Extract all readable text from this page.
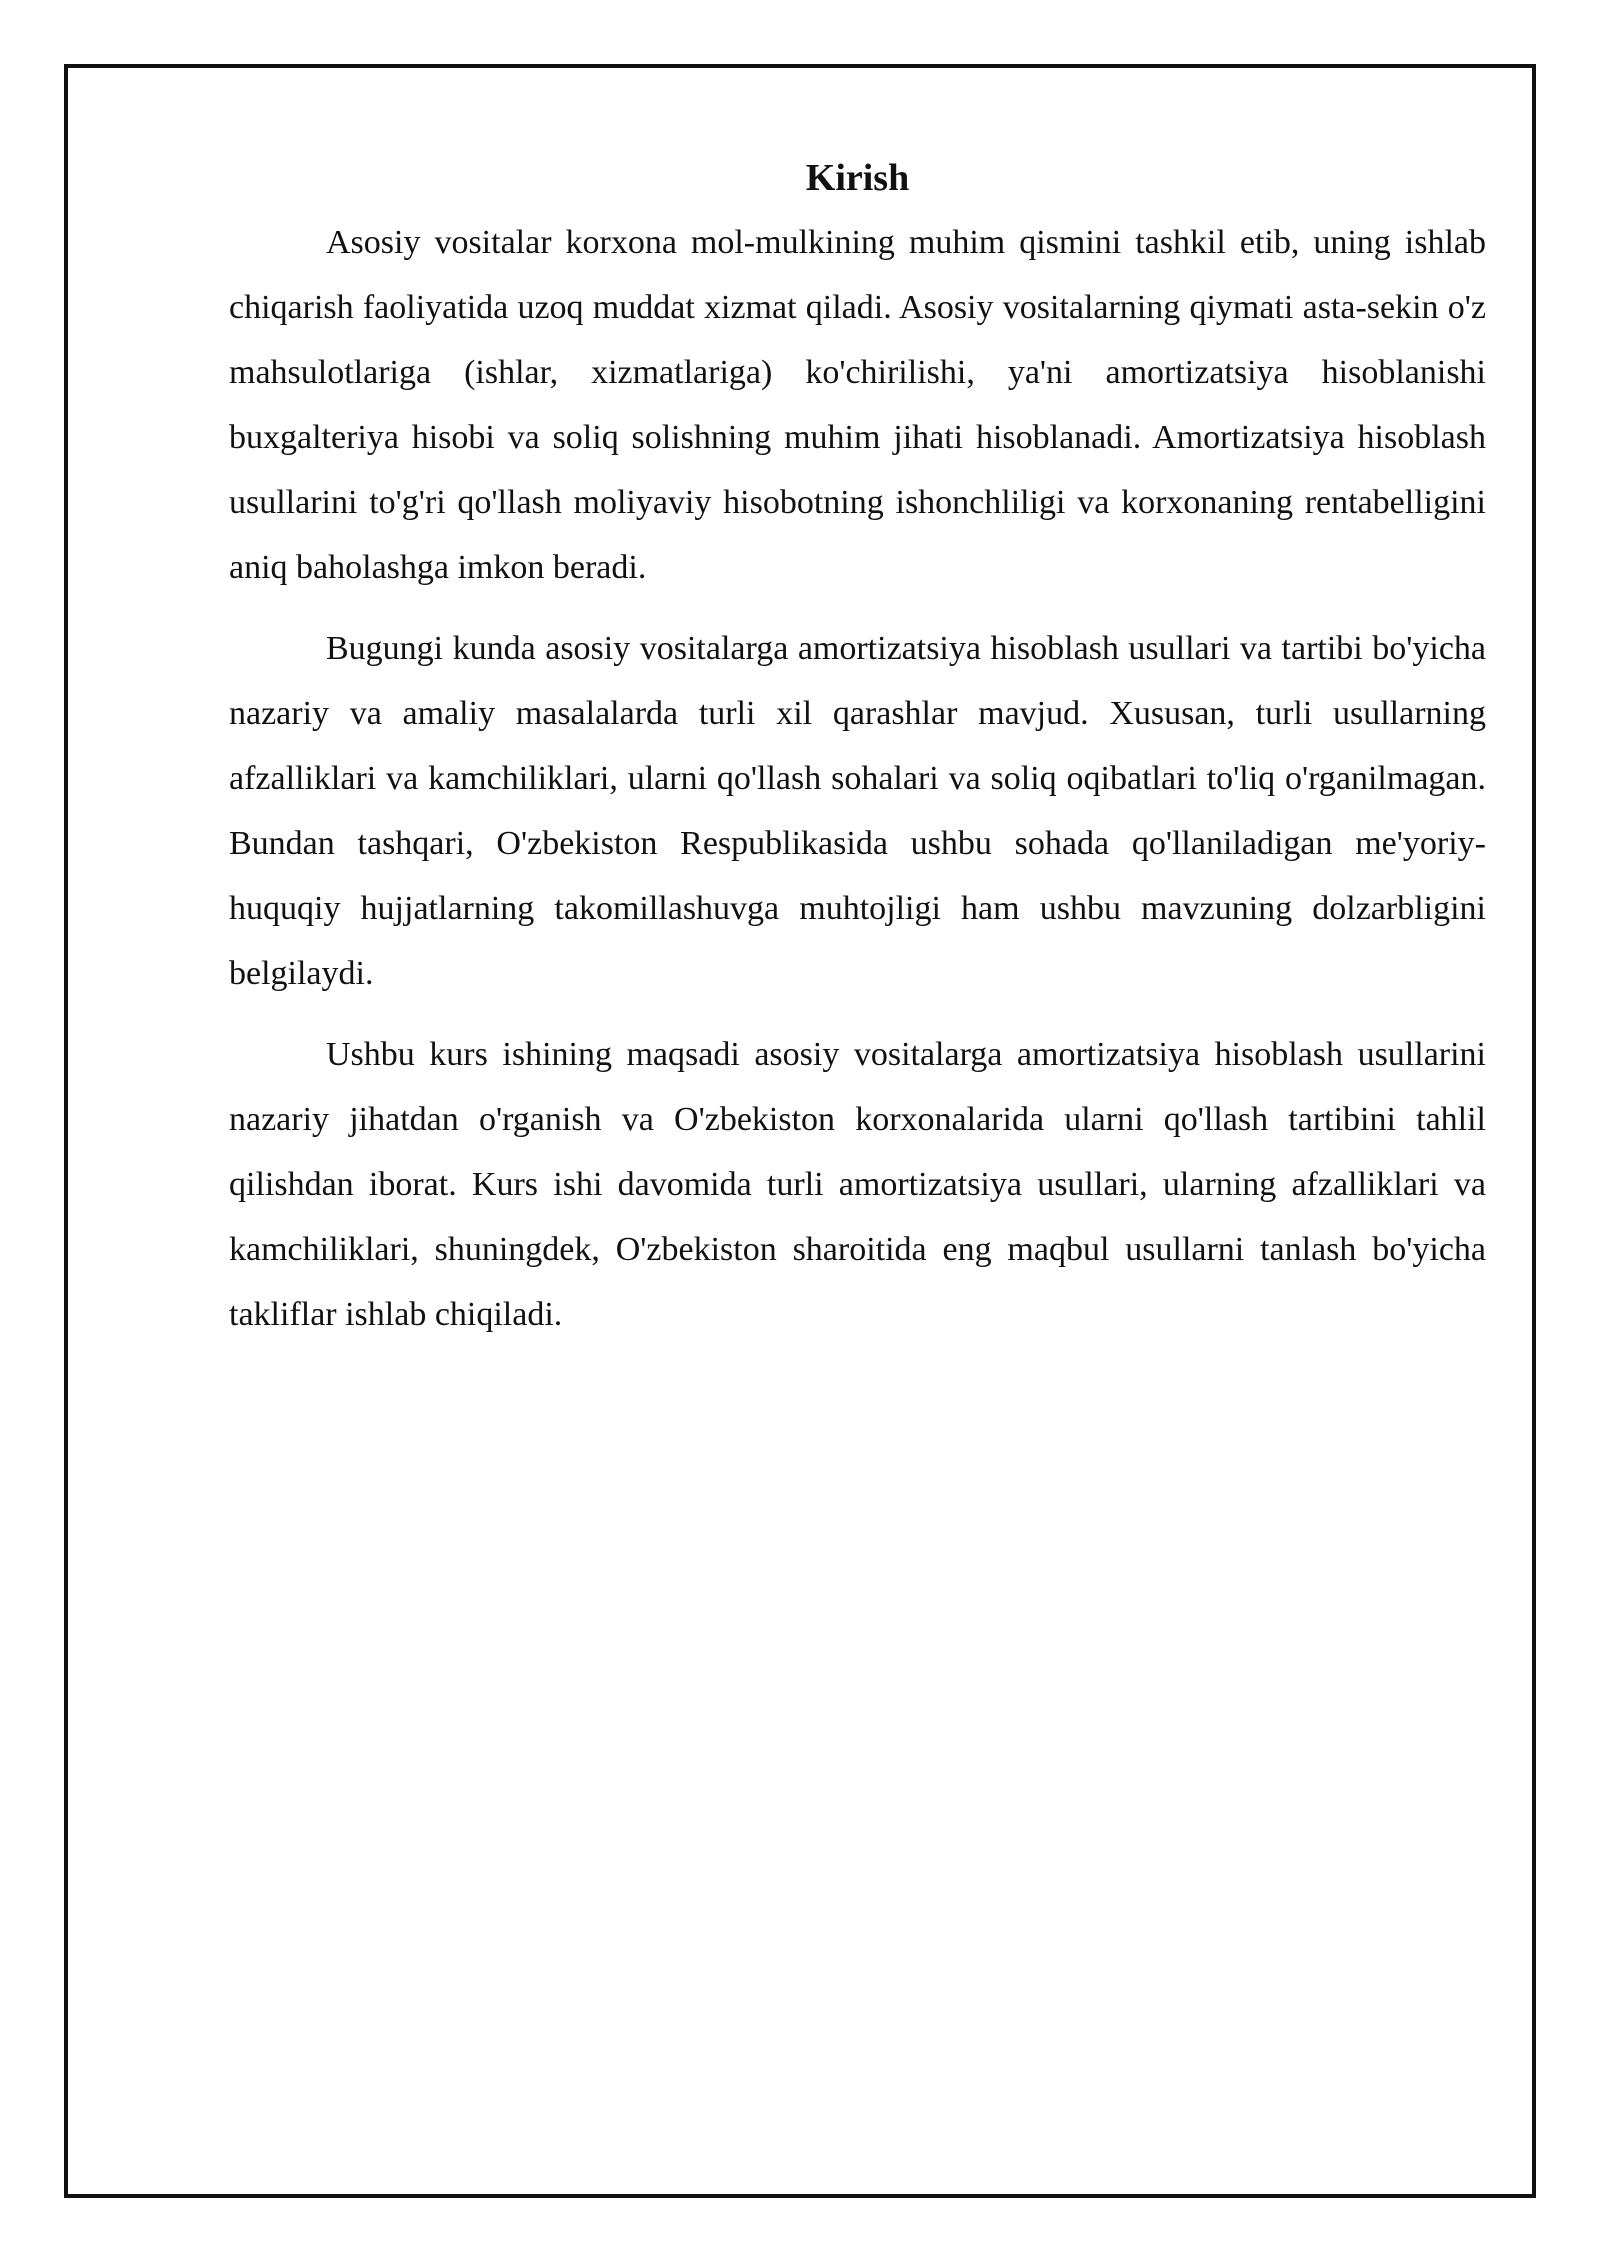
Kirish

Asosiy vositalar korxona mol-mulkining muhim qismini tashkil etib, uning ishlab chiqarish faoliyatida uzoq muddat xizmat qiladi. Asosiy vositalarning qiymati asta-sekin o'z mahsulotlariga (ishlar, xizmatlariga) ko'chirilishi, ya'ni amortizatsiya hisoblanishi buxgalteriya hisobi va soliq solishning muhim jihati hisoblanadi. Amortizatsiya hisoblash usullarini to'g'ri qo'llash moliyaviy hisobotning ishonchliligi va korxonaning rentabelligini aniq baholashga imkon beradi.

Bugungi kunda asosiy vositalarga amortizatsiya hisoblash usullari va tartibi bo'yicha nazariy va amaliy masalalarda turli xil qarashlar mavjud. Xususan, turli usullarning afzalliklari va kamchiliklari, ularni qo'llash sohalari va soliq oqibatlari to'liq o'rganilmagan. Bundan tashqari, O'zbekiston Respublikasida ushbu sohada qo'llaniladigan me'yoriy-huquqiy hujjatlarning takomillashuvga muhtojligi ham ushbu mavzuning dolzarbligini belgilaydi.

Ushbu kurs ishining maqsadi asosiy vositalarga amortizatsiya hisoblash usullarini nazariy jihatdan o'rganish va O'zbekiston korxonalarida ularni qo'llash tartibini tahlil qilishdan iborat. Kurs ishi davomida turli amortizatsiya usullari, ularning afzalliklari va kamchiliklari, shuningdek, O'zbekiston sharoitida eng maqbul usullarni tanlash bo'yicha takliflar ishlab chiqiladi.
